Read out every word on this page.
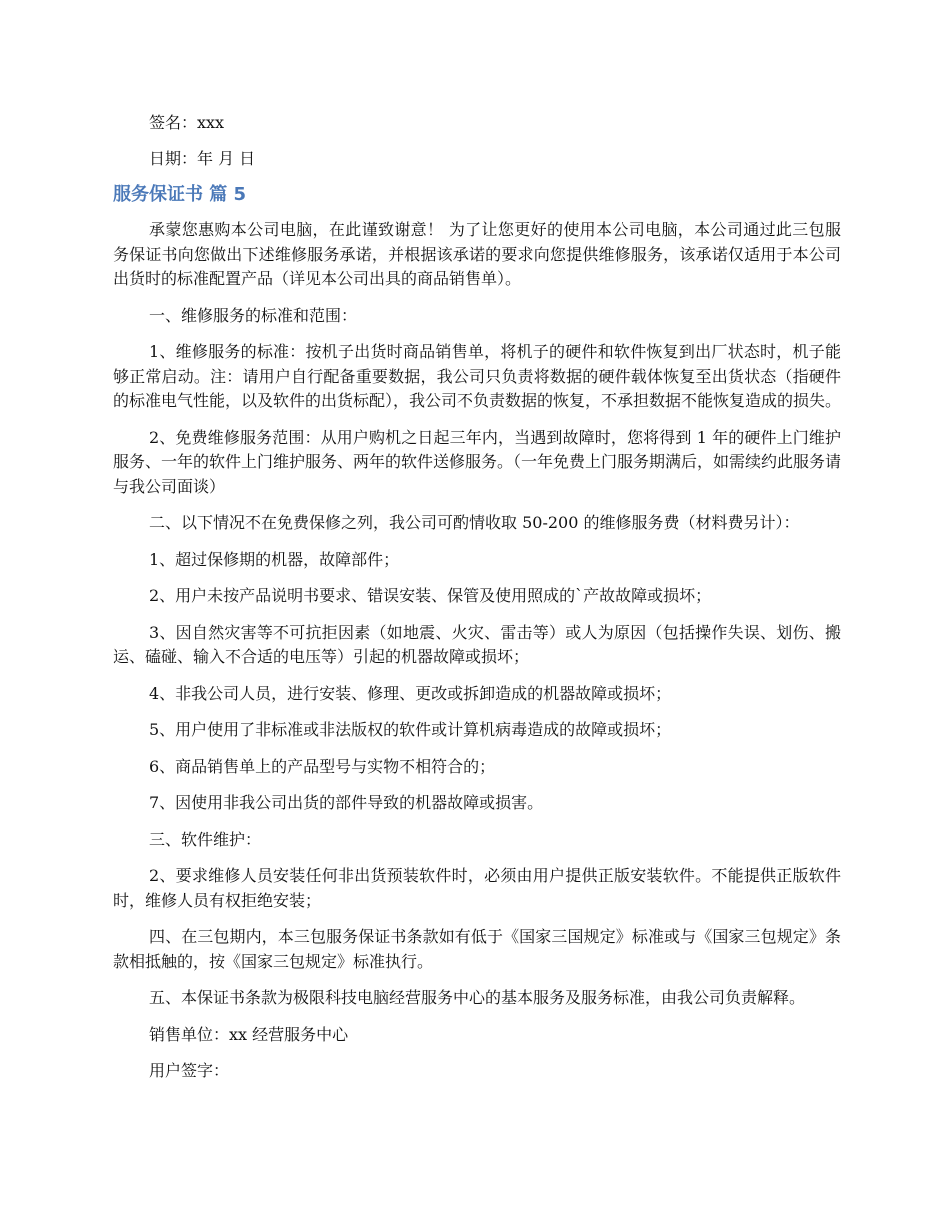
签名：xxx

日期：年 月 日

服务保证书 篇 5

承蒙您惠购本公司电脑，在此谨致谢意！ 为了让您更好的使用本公司电脑，本公司通过此三包服务保证书向您做出下述维修服务承诺，并根据该承诺的要求向您提供维修服务，该承诺仅适用于本公司出货时的标准配置产品（详见本公司出具的商品销售单）。

一、维修服务的标准和范围：

1、维修服务的标准：按机子出货时商品销售单，将机子的硬件和软件恢复到出厂状态时，机子能够正常启动。注：请用户自行配备重要数据，我公司只负责将数据的硬件载体恢复至出货状态（指硬件的标准电气性能，以及软件的出货标配），我公司不负责数据的恢复，不承担数据不能恢复造成的损失。

2、免费维修服务范围：从用户购机之日起三年内，当遇到故障时，您将得到 1 年的硬件上门维护服务、一年的软件上门维护服务、两年的软件送修服务。（一年免费上门服务期满后，如需续约此服务请与我公司面谈）

二、以下情况不在免费保修之列，我公司可酌情收取 50-200 的维修服务费（材料费另计）：

1、超过保修期的机器，故障部件；

2、用户未按产品说明书要求、错误安装、保管及使用照成的`产故故障或损坏；

3、因自然灾害等不可抗拒因素（如地震、火灾、雷击等）或人为原因（包括操作失误、划伤、搬运、磕碰、输入不合适的电压等）引起的机器故障或损坏；

4、非我公司人员，进行安装、修理、更改或拆卸造成的机器故障或损坏；

5、用户使用了非标准或非法版权的软件或计算机病毒造成的故障或损坏；

6、商品销售单上的产品型号与实物不相符合的；

7、因使用非我公司出货的部件导致的机器故障或损害。

三、软件维护：

2、要求维修人员安装任何非出货预装软件时，必须由用户提供正版安装软件。不能提供正版软件时，维修人员有权拒绝安装；

四、在三包期内，本三包服务保证书条款如有低于《国家三国规定》标准或与《国家三包规定》条款相抵触的，按《国家三包规定》标准执行。

五、本保证书条款为极限科技电脑经营服务中心的基本服务及服务标准，由我公司负责解释。

销售单位：xx 经营服务中心

用户签字：
